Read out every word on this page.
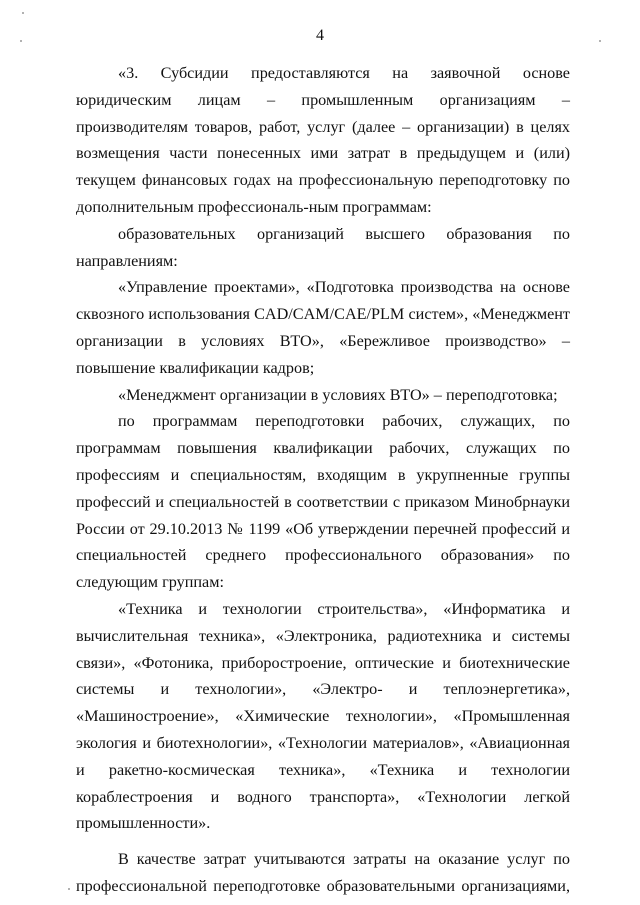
4

«3. Субсидии предоставляются на заявочной основе юридическим лицам – промышленным организациям – производителям товаров, работ, услуг (далее – организации) в целях возмещения части понесенных ими затрат в предыдущем и (или) текущем финансовых годах на профессиональную переподготовку по дополнительным профессиональ-ным программам:

образовательных организаций высшего образования по направлениям:

«Управление проектами», «Подготовка производства на основе сквозного использования CAD/CAM/CAE/PLM систем», «Менеджмент организации в условиях ВТО», «Бережливое производство» – повышение квалификации кадров;

«Менеджмент организации в условиях ВТО» – переподготовка;

по программам переподготовки рабочих, служащих, по программам повышения квалификации рабочих, служащих по профессиям и специальностям, входящим в укрупненные группы профессий и специальностей в соответствии с приказом Минобрнауки России от 29.10.2013 № 1199 «Об утверждении перечней профессий и специальностей среднего профессионального образования» по следующим группам:

«Техника и технологии строительства», «Информатика и вычислительная техника», «Электроника, радиотехника и системы связи», «Фотоника, приборостроение, оптические и биотехнические системы и технологии», «Электро- и теплоэнергетика», «Машиностроение», «Химические технологии», «Промышленная экология и биотехнологии», «Технологии материалов», «Авиационная и ракетно-космическая техника», «Техника и технологии кораблестроения и водного транспорта», «Технологии легкой промышленности».

В качестве затрат учитываются затраты на оказание услуг по профессиональной переподготовке образовательными организациями,
